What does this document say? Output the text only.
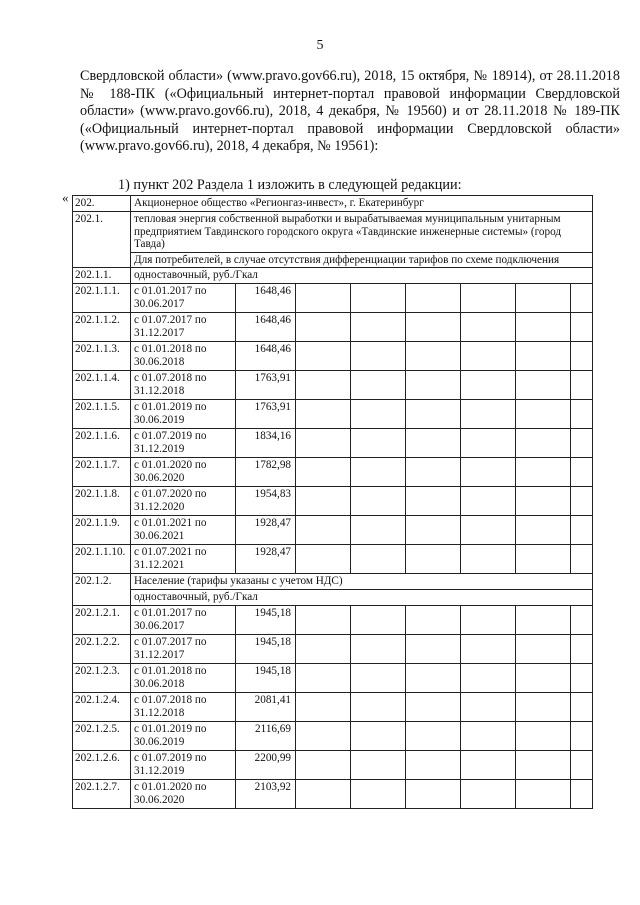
5

Свердловской области» (www.pravo.gov66.ru), 2018, 15 октября, № 18914), от 28.11.2018 № 188-ПК («Официальный интернет-портал правовой информации Свердловской области» (www.pravo.gov66.ru), 2018, 4 декабря, № 19560) и от 28.11.2018 № 189-ПК («Официальный интернет-портал правовой информации Свердловской области» (www.pravo.gov66.ru), 2018, 4 декабря, № 19561):

1) пункт 202 Раздела 1 изложить в следующей редакции:
« 202.	Акционерное общество «Регионгаз-инвест», г. Екатеринбург							
202.1.	тепловая энергия собственной выработки и вырабатываемая муниципальным унитарным предприятием Тавдинского городского округа «Тавдинские инженерные системы» (город Тавда)							
	Для потребителей, в случае отсутствия дифференциации тарифов по схеме подключения							
202.1.1.	одноставочный, руб./Гкал							
202.1.1.1.	с 01.01.2017 по 30.06.2017	1648,46						
202.1.1.2.	с 01.07.2017 по 31.12.2017	1648,46						
202.1.1.3.	с 01.01.2018 по 30.06.2018	1648,46						
202.1.1.4.	с 01.07.2018 по 31.12.2018	1763,91						
202.1.1.5.	с 01.01.2019 по 30.06.2019	1763,91						
202.1.1.6.	с 01.07.2019 по 31.12.2019	1834,16						
202.1.1.7.	с 01.01.2020 по 30.06.2020	1782,98						
202.1.1.8.	с 01.07.2020 по 31.12.2020	1954,83						
202.1.1.9.	с 01.01.2021 по 30.06.2021	1928,47						
202.1.1.10.	с 01.07.2021 по 31.12.2021	1928,47						
202.1.2.	Население (тарифы указаны с учетом НДС)							
	одноставочный, руб./Гкал							
202.1.2.1.	с 01.01.2017 по 30.06.2017	1945,18						
202.1.2.2.	с 01.07.2017 по 31.12.2017	1945,18						
202.1.2.3.	с 01.01.2018 по 30.06.2018	1945,18						
202.1.2.4.	с 01.07.2018 по 31.12.2018	2081,41						
202.1.2.5.	с 01.01.2019 по 30.06.2019	2116,69						
202.1.2.6.	с 01.07.2019 по 31.12.2019	2200,99						
202.1.2.7.	с 01.01.2020 по 30.06.2020	2103,92						
